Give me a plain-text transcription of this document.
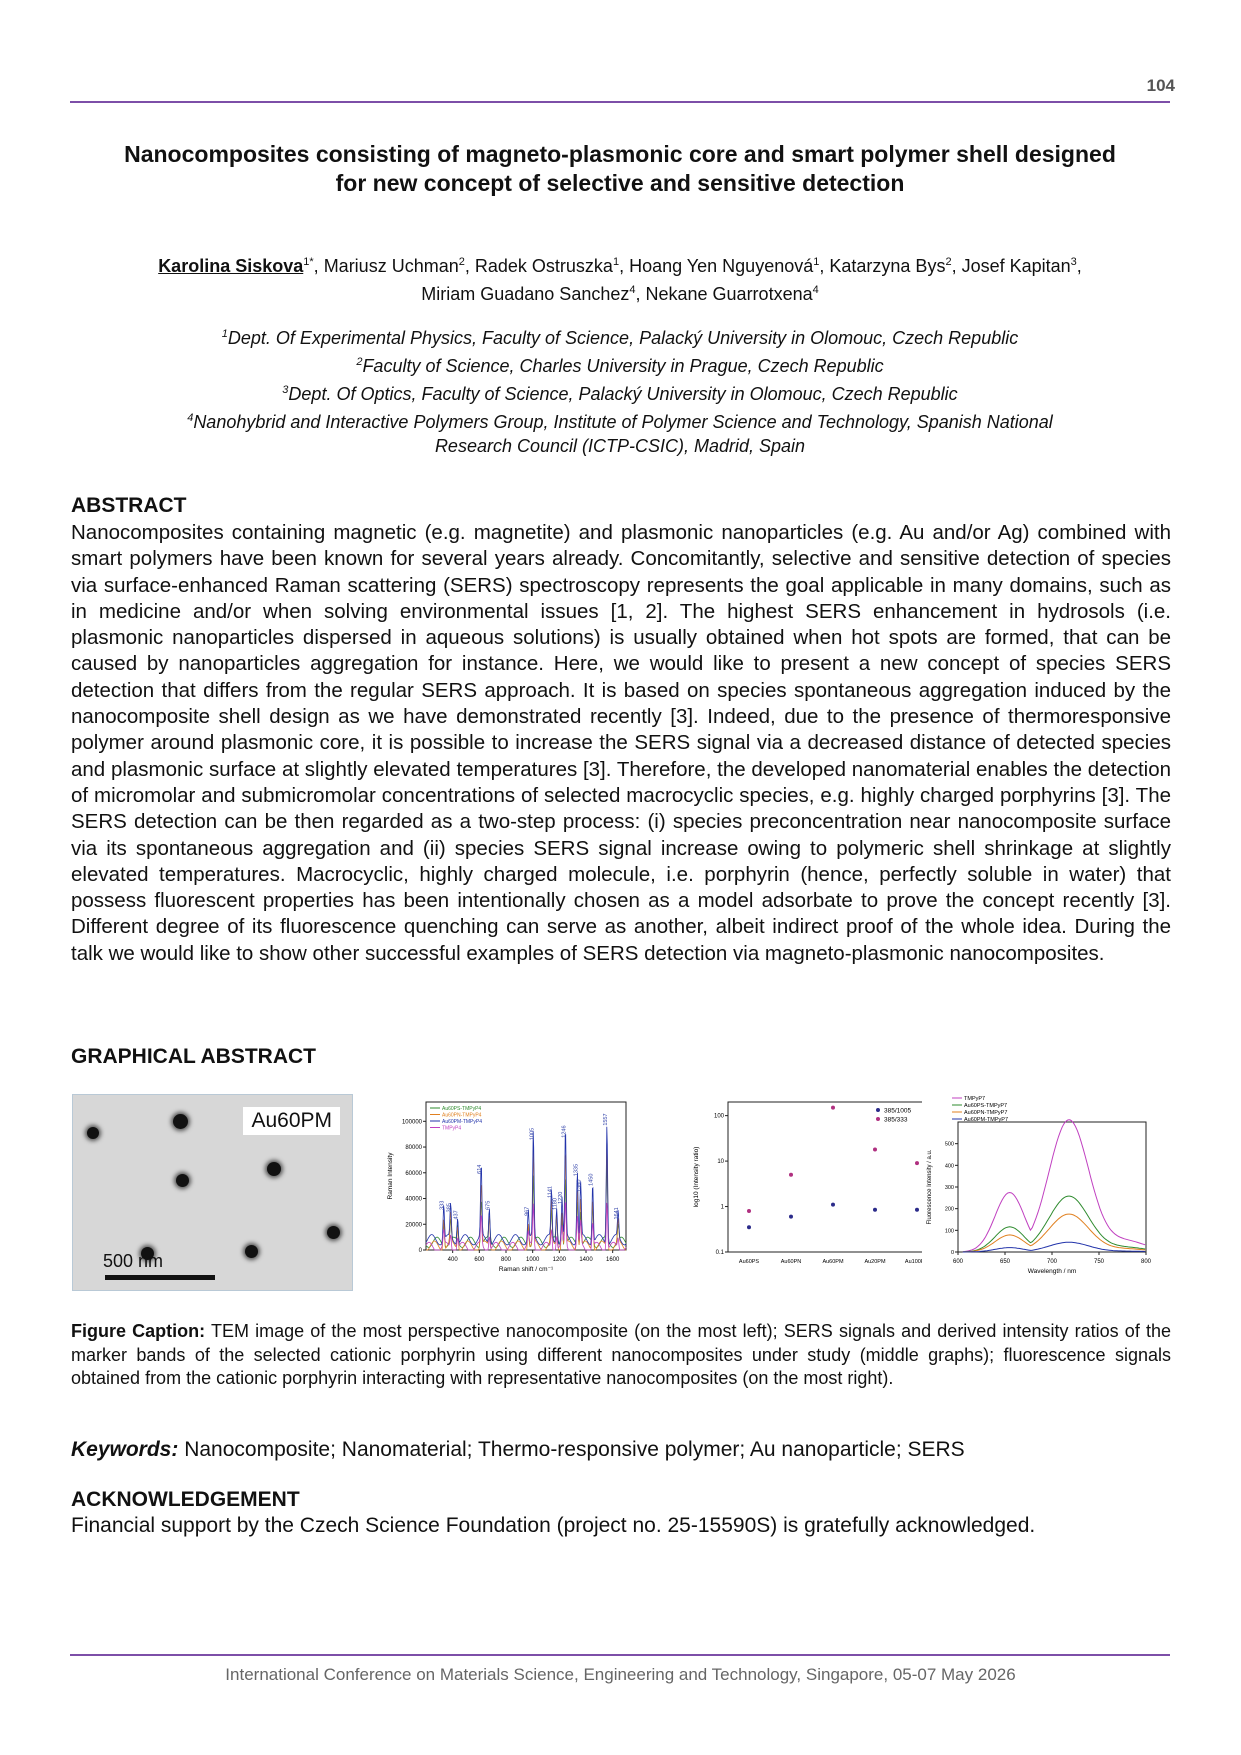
104
Nanocomposites consisting of magneto-plasmonic core and smart polymer shell designed
for new concept of selective and sensitive detection
Karolina Siskova$^{1*}$, Mariusz Uchman$^2$, Radek Ostruszka$^1$, Hoang Yen Nguyenová$^1$, Katarzyna Bys$^2$, Josef Kapitan$^3$,
Miriam Guadano Sanchez$^4$, Nekane Guarrotxena$^4$
$^1$Dept. Of Experimental Physics, Faculty of Science, Palacký University in Olomouc, Czech Republic
$^2$Faculty of Science, Charles University in Prague, Czech Republic
$^3$Dept. Of Optics, Faculty of Science, Palacký University in Olomouc, Czech Republic
$^4$Nanohybrid and Interactive Polymers Group, Institute of Polymer Science and Technology, Spanish National
Research Council (ICTP-CSIC), Madrid, Spain
ABSTRACT
Nanocomposites containing magnetic (e.g. magnetite) and plasmonic nanoparticles (e.g. Au and/or Ag) combined with smart polymers have been known for several years already. Concomitantly, selective and sensitive detection of species via surface-enhanced Raman scattering (SERS) spectroscopy represents the goal applicable in many domains, such as in medicine and/or when solving environmental issues [1, 2]. The highest SERS enhancement in hydrosols (i.e. plasmonic nanoparticles dispersed in aqueous solutions) is usually obtained when hot spots are formed, that can be caused by nanoparticles aggregation for instance. Here, we would like to present a new concept of species SERS detection that differs from the regular SERS approach. It is based on species spontaneous aggregation induced by the nanocomposite shell design as we have demonstrated recently [3]. Indeed, due to the presence of thermoresponsive polymer around plasmonic core, it is possible to increase the SERS signal via a decreased distance of detected species and plasmonic surface at slightly elevated temperatures [3]. Therefore, the developed nanomaterial enables the detection of micromolar and submicromolar concentrations of selected macrocyclic species, e.g. highly charged porphyrins [3]. The SERS detection can be then regarded as a two-step process: (i) species preconcentration near nanocomposite surface via its spontaneous aggregation and (ii) species SERS signal increase owing to polymeric shell shrinkage at slightly elevated temperatures. Macrocyclic, highly charged molecule, i.e. porphyrin (hence, perfectly soluble in water) that possess fluorescent properties has been intentionally chosen as a model adsorbate to prove the concept recently [3]. Different degree of its fluorescence quenching can serve as another, albeit indirect proof of the whole idea. During the talk we would like to show other successful examples of SERS detection via magneto-plasmonic nanocomposites.
GRAPHICAL ABSTRACT
Au60PM
500 nm	400	600	800 1000 1200 1400 1600
0
20000
40000
60000
80000
100000
Raman shift / cm⁻¹
Raman Intensity
333 385
437
614
675
967
1005
1141
1180
1220
1246
1335
1360 1450
1557
1641
Au60PS-TMPyP4
Au60PN-TMPyP4
Au60PM-TMPyP4
TMPyP4
0.1
1
10
100
Au60PS	Au60PN	Au60PM	Au20PM	Au100PM
log10 (Intensity ratio)
385/1005
385/333
600	650	700	750	800
0
100
200
300
400
500
Wavelength / nm
Fluorescence Intensity / a.u.
TMPyP7
Au60PS-TMPyP7
Au60PN-TMPyP7
Au60PM-TMPyP7
Figure Caption: TEM image of the most perspective nanocomposite (on the most left); SERS signals and derived intensity ratios of the marker bands of the selected cationic porphyrin using different nanocomposites under study (middle graphs); fluorescence signals obtained from the cationic porphyrin interacting with representative nanocomposites (on the most right).
Keywords: Nanocomposite; Nanomaterial; Thermo-responsive polymer; Au nanoparticle; SERS
ACKNOWLEDGEMENT
Financial support by the Czech Science Foundation (project no. 25-15590S) is gratefully acknowledged.
International Conference on Materials Science, Engineering and Technology, Singapore, 05-07 May 2026
